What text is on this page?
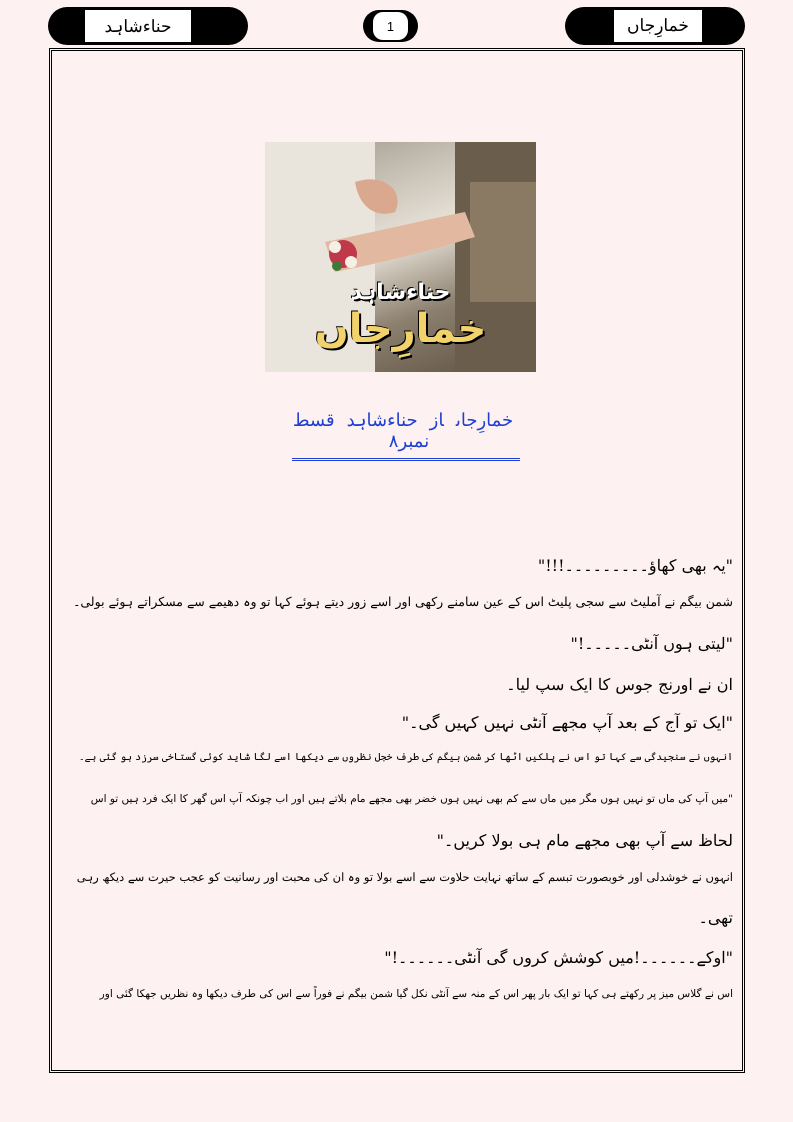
حناءشاہد	1	خمارِجاں
حناءشاہد
خمارِجاں
خمارِجاںازحناءشاہدقسط نمبر۸
"یہ بھی کھاؤ۔۔۔۔۔۔۔۔۔!!!"
شمن بیگم نے آملیٹ سے سجی پلیٹ اس کے عین سامنے رکھی اور اسے زور دیتے ہوئے کہا تو وہ دھیمے سے مسکراتے ہوئے بولی۔
"لیتی ہوں آنٹی۔۔۔۔۔!"
ان نے اورنج جوس کا ایک سپ لیا۔
"ایک تو آج کے بعد آپ مجھے آنٹی نہیں کہیں گی۔"
انہوں نے سنجیدگی سے کہا تو اس نے پلکیں اٹھا کر شمن بیگم کی طرف خجل نظروں سے دیکھا اسے لگا شاید کوئی گستاخی سرزد ہو گئی ہے۔
"میں آپ کی ماں تو نہیں ہوں مگر میں ماں سے کم بھی نہیں ہوں خضر بھی مجھے مام بلاتے ہیں اور اب چونکہ آپ اس گھر کا ایک فرد ہیں تو اس
لحاظ سے آپ بھی مجھے مام ہی بولا کریں۔"
انہوں نے خوشدلی اور خوبصورت تبسم کے ساتھ نہایت حلاوت سے اسے بولا تو وہ ان کی محبت اور رسانیت کو عجب حیرت سے دیکھ رہی
تھی۔
"اوکے۔۔۔۔۔۔!میں کوشش کروں گی آنٹی۔۔۔۔۔۔!"
اس نے گلاس میز پر رکھتے ہی کہا تو ایک بار پھر اس کے منہ سے آنٹی نکل گیا شمن بیگم نے فوراً سے اس کی طرف دیکھا وہ نظریں جھکا گئی اور
